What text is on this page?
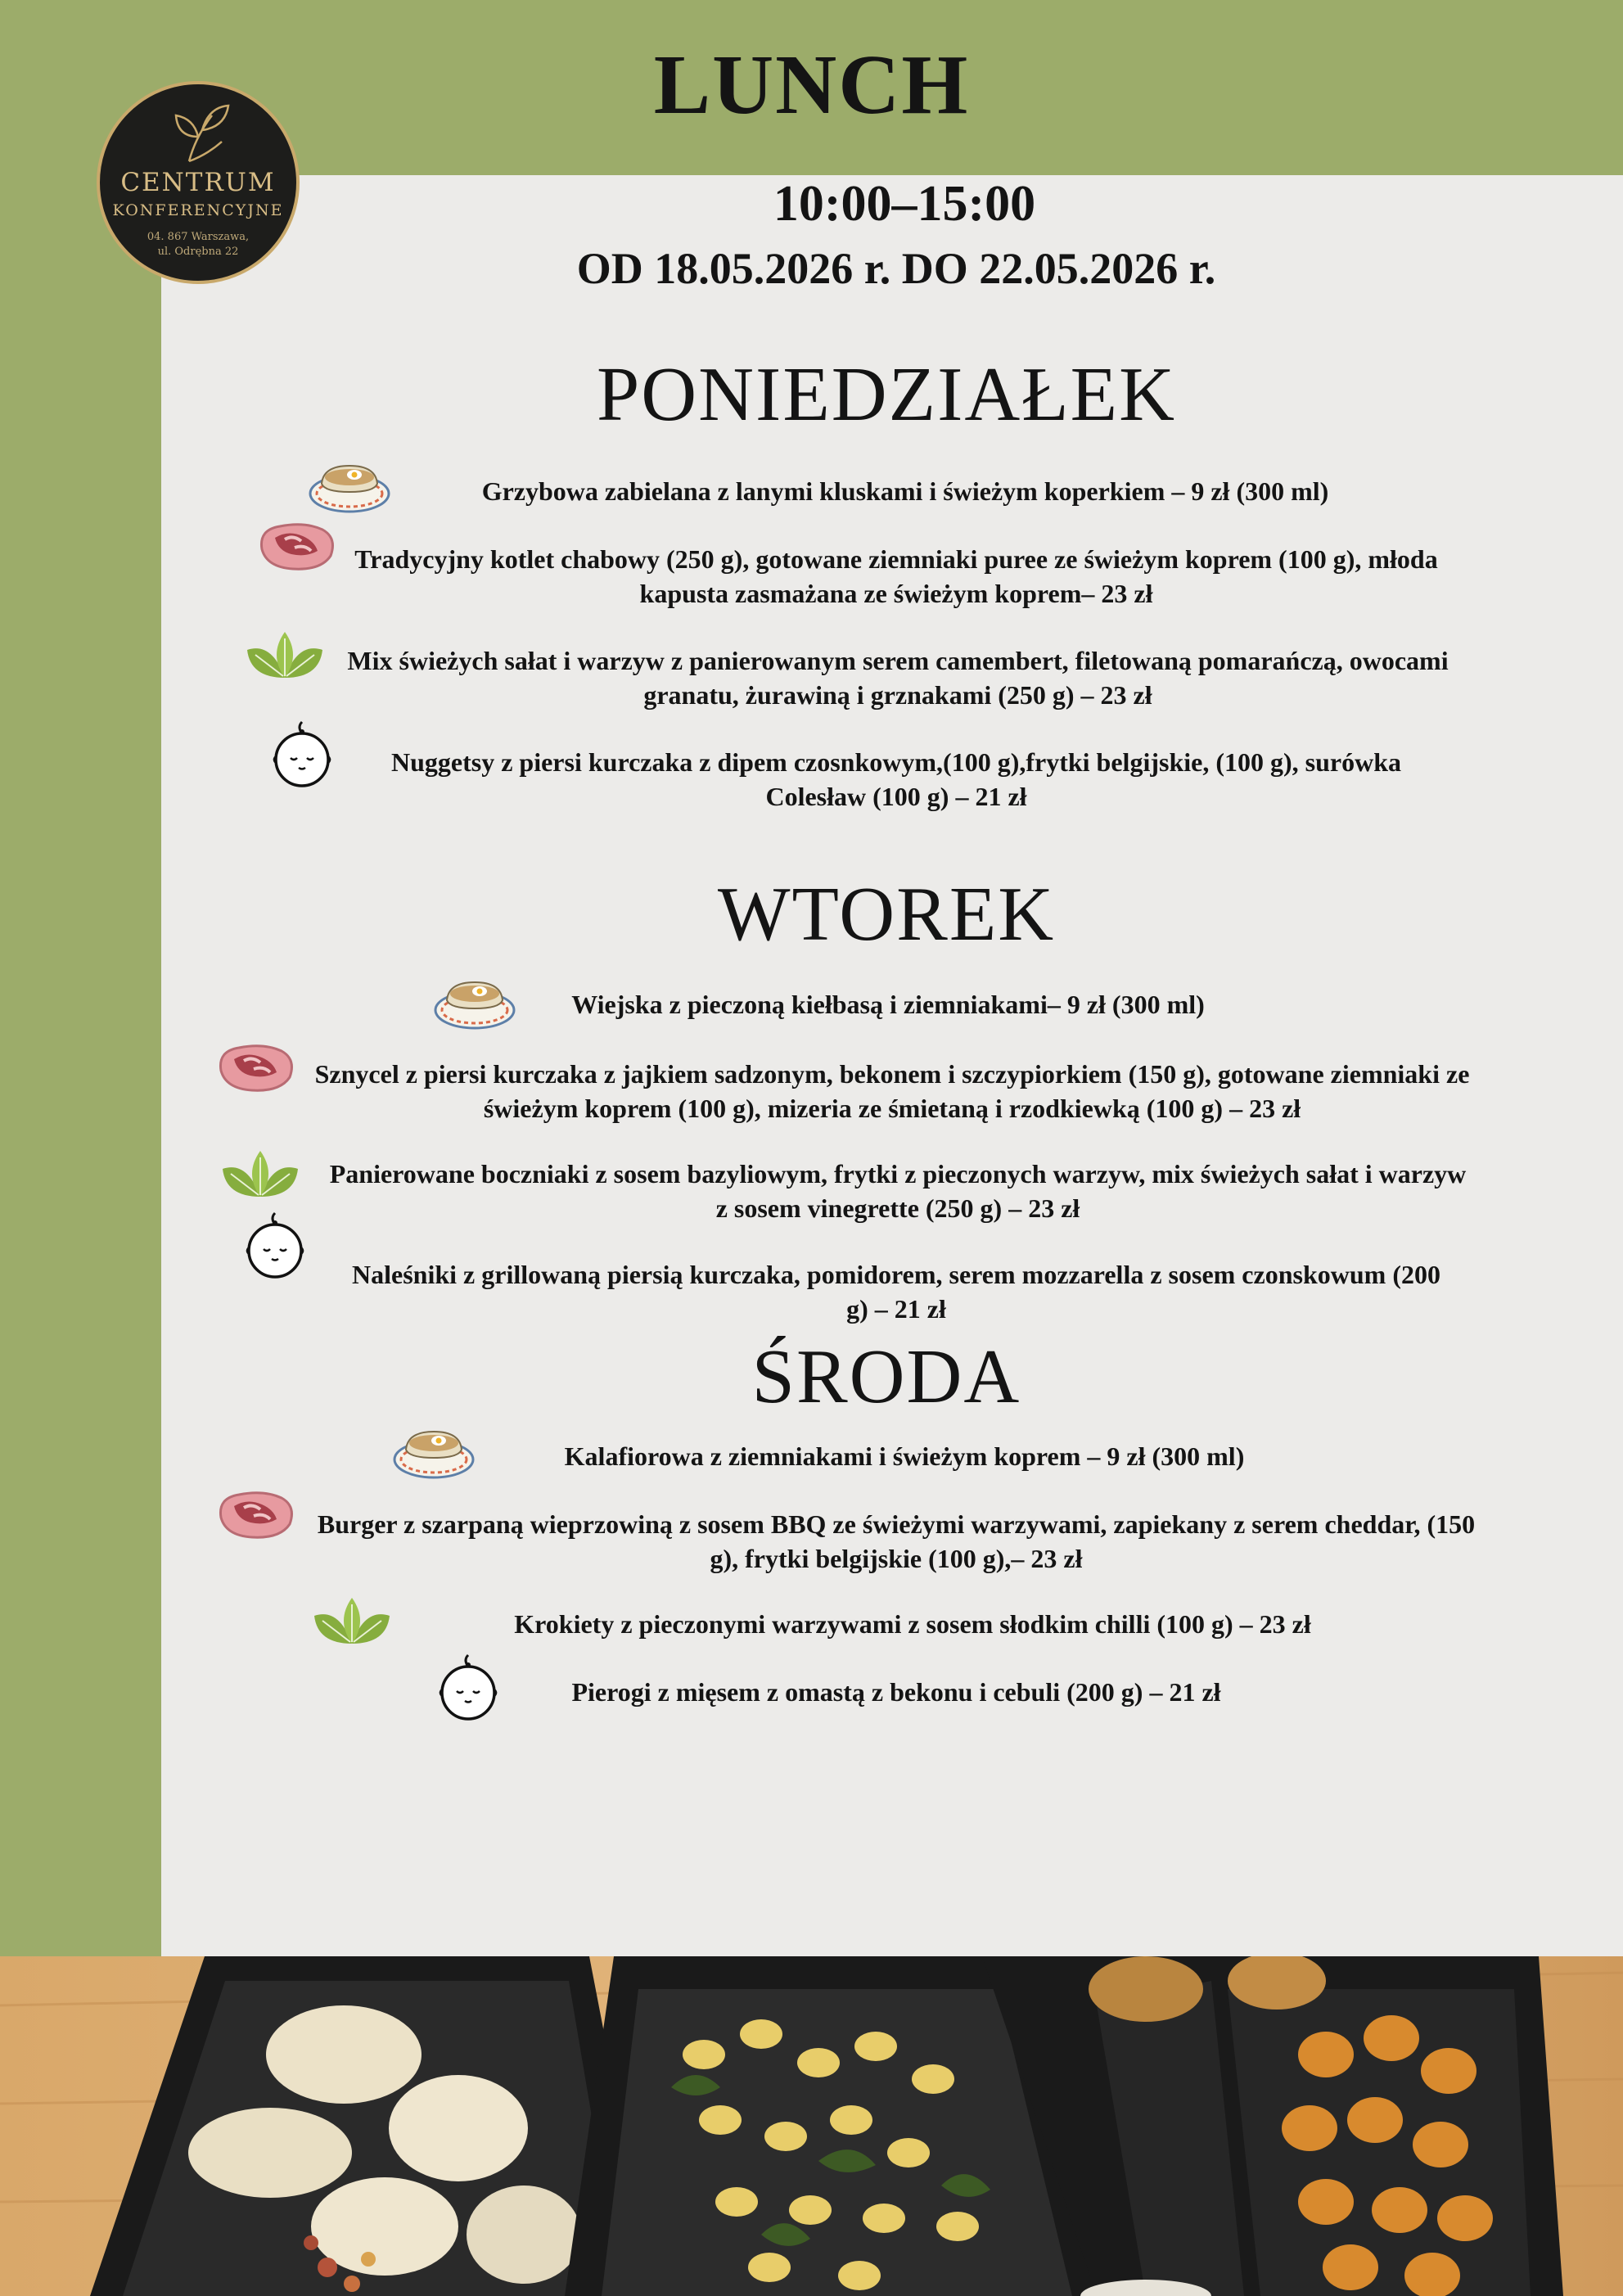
CENTRUM
KONFERENCYJNE
04. 867 Warszawa,
ul. Odrębna 22
LUNCH
10:00–15:00
OD 18.05.2026 r. DO 22.05.2026 r.
PONIEDZIAŁEK
Grzybowa zabielana z lanymi kluskami i świeżym koperkiem – 9 zł (300 ml)
Tradycyjny kotlet chabowy (250 g), gotowane ziemniaki puree ze świeżym koprem (100 g), młoda kapusta zasmażana ze świeżym koprem– 23 zł
Mix świeżych sałat i warzyw z panierowanym serem camembert, filetowaną pomarańczą, owocami granatu, żurawiną i grznakami (250 g) – 23 zł
Nuggetsy z piersi kurczaka z dipem czosnkowym,(100 g),frytki belgijskie, (100 g), surówka Colesław (100 g) – 21 zł
WTOREK
Wiejska z pieczoną kiełbasą i ziemniakami– 9 zł (300 ml)
Sznycel z piersi kurczaka z jajkiem sadzonym, bekonem i szczypiorkiem (150 g), gotowane ziemniaki ze świeżym koprem (100 g), mizeria ze śmietaną i rzodkiewką (100 g) – 23 zł
Panierowane boczniaki z sosem bazyliowym, frytki z pieczonych warzyw, mix świeżych sałat i warzyw z sosem vinegrette (250 g) – 23 zł
Naleśniki z grillowaną piersią kurczaka, pomidorem, serem mozzarella z sosem czonskowum (200 g) – 21 zł
ŚRODA
Kalafiorowa z ziemniakami i świeżym koprem – 9 zł (300 ml)
Burger z szarpaną wieprzowiną z sosem BBQ ze świeżymi warzywami, zapiekany z serem cheddar, (150 g), frytki belgijskie (100 g),– 23 zł
Krokiety z pieczonymi warzywami z sosem słodkim chilli (100 g) – 23 zł
Pierogi z mięsem z omastą z bekonu i cebuli (200 g) – 21 zł
